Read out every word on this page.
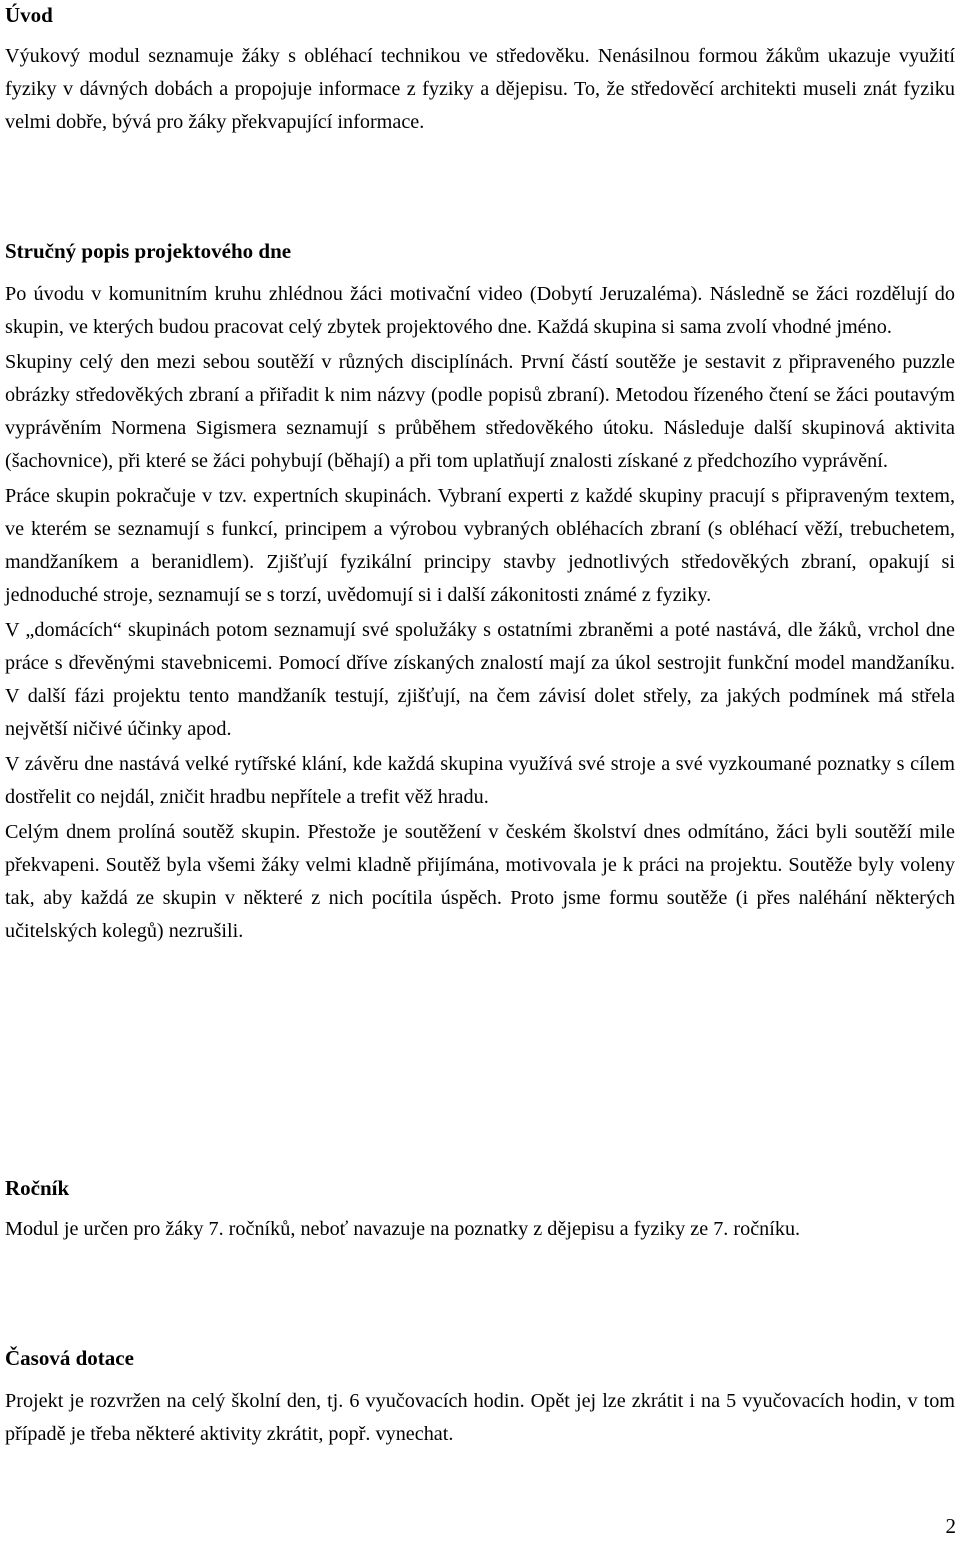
Úvod

Výukový modul seznamuje žáky s obléhací technikou ve středověku. Nenásilnou formou žákům ukazuje využití fyziky v dávných dobách a propojuje informace z fyziky a dějepisu. To, že středověcí architekti museli znát fyziku velmi dobře, bývá pro žáky překvapující informace.

Stručný popis projektového dne

Po úvodu v komunitním kruhu zhlédnou žáci motivační video (Dobytí Jeruzaléma). Následně se žáci rozdělují do skupin, ve kterých budou pracovat celý zbytek projektového dne. Každá skupina si sama zvolí vhodné jméno.

Skupiny celý den mezi sebou soutěží v různých disciplínách. První částí soutěže je sestavit z připraveného puzzle obrázky středověkých zbraní a přiřadit k nim názvy (podle popisů zbraní). Metodou řízeného čtení se žáci poutavým vyprávěním Normena Sigismera seznamují s průběhem středověkého útoku. Následuje další skupinová aktivita (šachovnice), při které se žáci pohybují (běhají) a při tom uplatňují znalosti získané z předchozího vyprávění.

Práce skupin pokračuje v tzv. expertních skupinách. Vybraní experti z každé skupiny pracují s připraveným textem, ve kterém se seznamují s funkcí, principem a výrobou vybraných obléhacích zbraní (s obléhací věží, trebuchetem, mandžaníkem a beranidlem). Zjišťují fyzikální principy stavby jednotlivých středověkých zbraní, opakují si jednoduché stroje, seznamují se s torzí, uvědomují si i další zákonitosti známé z fyziky.

V „domácích“ skupinách potom seznamují své spolužáky s ostatními zbraněmi a poté nastává, dle žáků, vrchol dne práce s dřevěnými stavebnicemi. Pomocí dříve získaných znalostí mají za úkol sestrojit funkční model mandžaníku. V další fázi projektu tento mandžaník testují, zjišťují, na čem závisí dolet střely, za jakých podmínek má střela největší ničivé účinky apod.

V závěru dne nastává velké rytířské klání, kde každá skupina využívá své stroje a své vyzkoumané poznatky s cílem dostřelit co nejdál, zničit hradbu nepřítele a trefit věž hradu.

Celým dnem prolíná soutěž skupin. Přestože je soutěžení v českém školství dnes odmítáno, žáci byli soutěží mile překvapeni. Soutěž byla všemi žáky velmi kladně přijímána, motivovala je k práci na projektu. Soutěže byly voleny tak, aby každá ze skupin v některé z nich pocítila úspěch. Proto jsme formu soutěže (i přes naléhání některých učitelských kolegů) nezrušili.

Ročník

Modul je určen pro žáky 7. ročníků, neboť navazuje na poznatky z dějepisu a fyziky ze 7. ročníku.

Časová dotace

Projekt je rozvržen na celý školní den, tj. 6 vyučovacích hodin. Opět jej lze zkrátit i na 5 vyučovacích hodin, v tom případě je třeba některé aktivity zkrátit, popř. vynechat.

2
